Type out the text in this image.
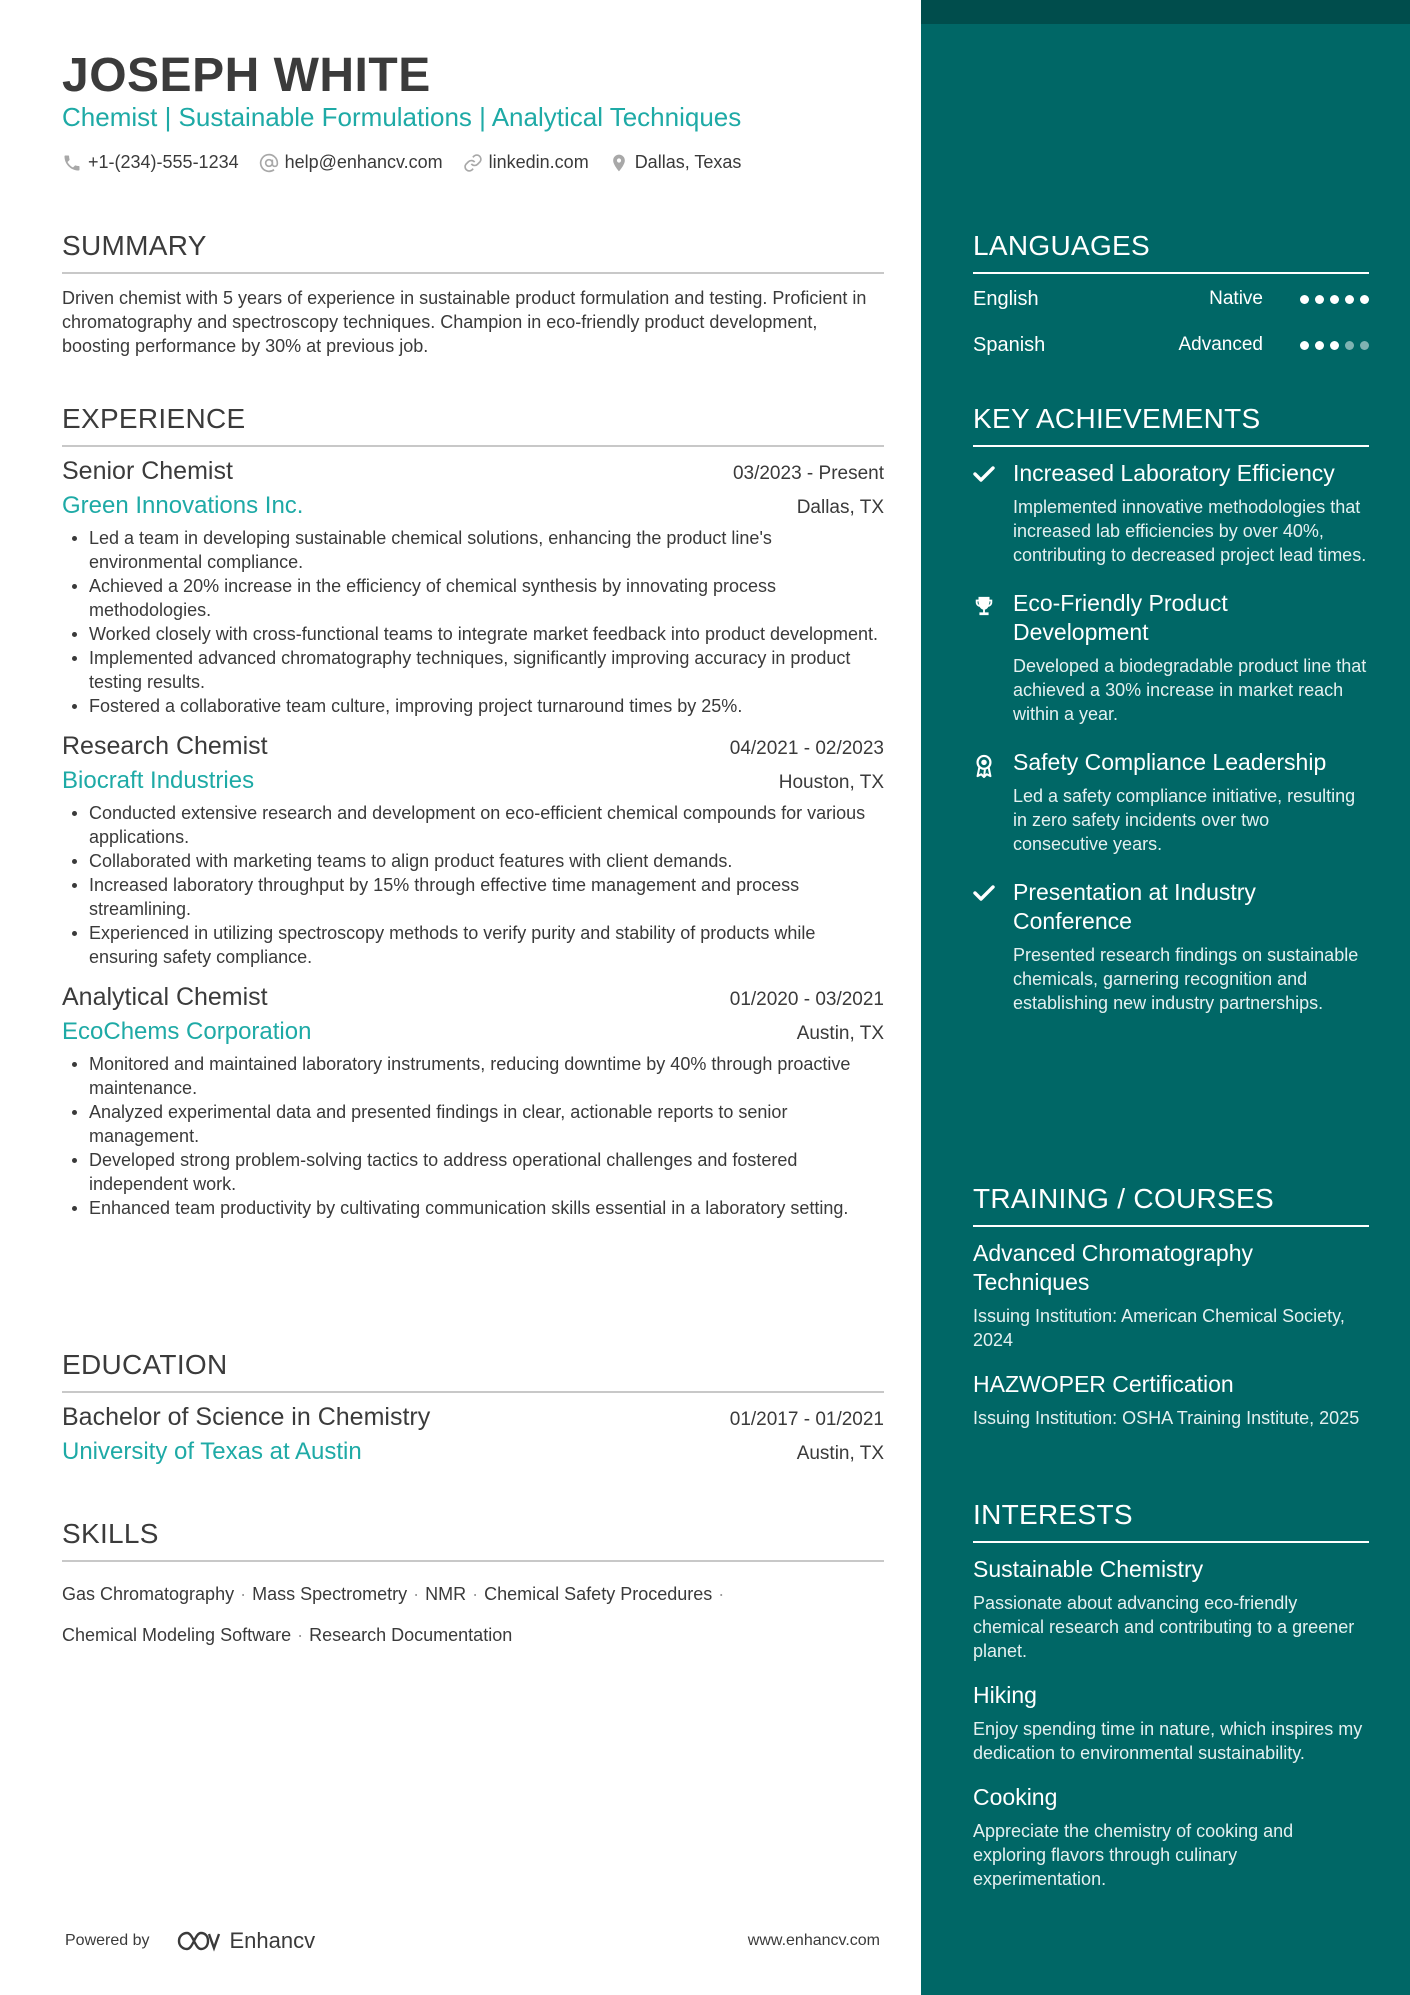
JOSEPH WHITE
Chemist | Sustainable Formulations | Analytical Techniques
+1-(234)-555-1234	help@enhancv.com	linkedin.com	Dallas, Texas
SUMMARY
Driven chemist with 5 years of experience in sustainable product formulation and testing. Proficient in chromatography and spectroscopy techniques. Champion in eco-friendly product development, boosting performance by 30% at previous job.
EXPERIENCE
Senior Chemist	03/2023 - Present
Green Innovations Inc.	Dallas, TX
Led a team in developing sustainable chemical solutions, enhancing the product line's environmental compliance.
Achieved a 20% increase in the efficiency of chemical synthesis by innovating process methodologies.
Worked closely with cross-functional teams to integrate market feedback into product development.
Implemented advanced chromatography techniques, significantly improving accuracy in product testing results.
Fostered a collaborative team culture, improving project turnaround times by 25%.
Research Chemist	04/2021 - 02/2023
Biocraft Industries	Houston, TX
Conducted extensive research and development on eco-efficient chemical compounds for various applications.
Collaborated with marketing teams to align product features with client demands.
Increased laboratory throughput by 15% through effective time management and process streamlining.
Experienced in utilizing spectroscopy methods to verify purity and stability of products while ensuring safety compliance.
Analytical Chemist	01/2020 - 03/2021
EcoChems Corporation	Austin, TX
Monitored and maintained laboratory instruments, reducing downtime by 40% through proactive maintenance.
Analyzed experimental data and presented findings in clear, actionable reports to senior management.
Developed strong problem-solving tactics to address operational challenges and fostered independent work.
Enhanced team productivity by cultivating communication skills essential in a laboratory setting.
EDUCATION
Bachelor of Science in Chemistry	01/2017 - 01/2021
University of Texas at Austin	Austin, TX
SKILLS
Gas Chromatography · Mass Spectrometry · NMR · Chemical Safety Procedures ·
Chemical Modeling Software · Research Documentation
Powered by	Enhancv	www.enhancv.com
LANGUAGES
English	Native
Spanish	Advanced
KEY ACHIEVEMENTS
Increased Laboratory Efficiency
Implemented innovative methodologies that increased lab efficiencies by over 40%, contributing to decreased project lead times.
Eco-Friendly Product Development
Developed a biodegradable product line that achieved a 30% increase in market reach within a year.
Safety Compliance Leadership
Led a safety compliance initiative, resulting in zero safety incidents over two consecutive years.
Presentation at Industry Conference
Presented research findings on sustainable chemicals, garnering recognition and establishing new industry partnerships.
TRAINING / COURSES
Advanced Chromatography Techniques
Issuing Institution: American Chemical Society, 2024
HAZWOPER Certification
Issuing Institution: OSHA Training Institute, 2025
INTERESTS
Sustainable Chemistry
Passionate about advancing eco-friendly chemical research and contributing to a greener planet.
Hiking
Enjoy spending time in nature, which inspires my dedication to environmental sustainability.
Cooking
Appreciate the chemistry of cooking and exploring flavors through culinary experimentation.
